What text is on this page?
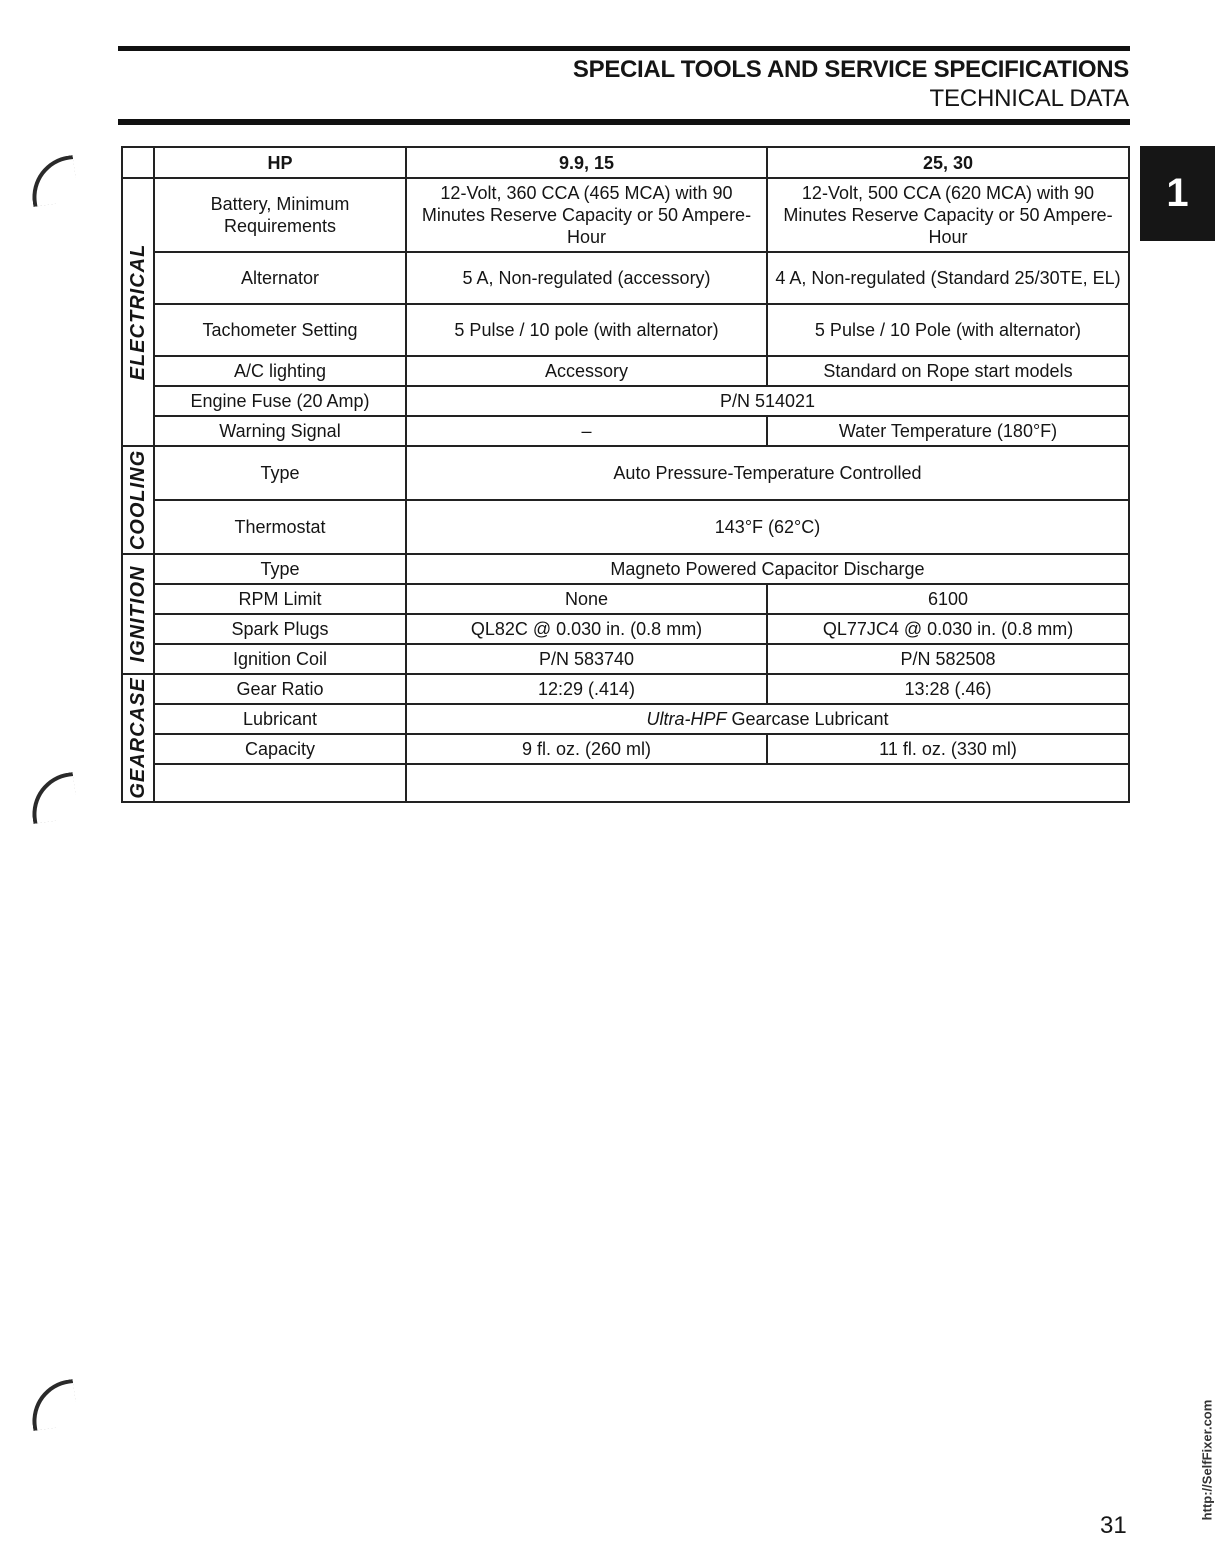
SPECIAL TOOLS AND SERVICE SPECIFICATIONS
TECHNICAL DATA
1
	HP	9.9, 15	25, 30

ELECTRICAL	Battery, Minimum Requirements	12-Volt, 360 CCA (465 MCA) with 90 Minutes Reserve Capacity or 50 Ampere-Hour	12-Volt, 500 CCA (620 MCA) with 90 Minutes Reserve Capacity or 50 Ampere-Hour
	Alternator	5 A, Non-regulated (accessory)	4 A, Non-regulated (Standard 25/30TE, EL)
	Tachometer Setting	5 Pulse / 10 pole (with alternator)	5 Pulse / 10 Pole (with alternator)
	A/C lighting	Accessory	Standard on Rope start models
	Engine Fuse (20 Amp)	P/N 514021	
	Warning Signal	–	Water Temperature (180°F)

COOLING	Type	Auto Pressure-Temperature Controlled	
	Thermostat	143°F (62°C)	

IGNITION	Type	Magneto Powered Capacitor Discharge	
	RPM Limit	None	6100
	Spark Plugs	QL82C @ 0.030 in. (0.8 mm)	QL77JC4 @ 0.030 in. (0.8 mm)
	Ignition Coil	P/N 583740	P/N 582508

GEARCASE	Gear Ratio	12:29 (.414)	13:28 (.46)
	Lubricant	Ultra-HPF Gearcase Lubricant	
	Capacity	9 fl. oz. (260 ml)	11 fl. oz. (330 ml)

31
http://SelfFixer.com
